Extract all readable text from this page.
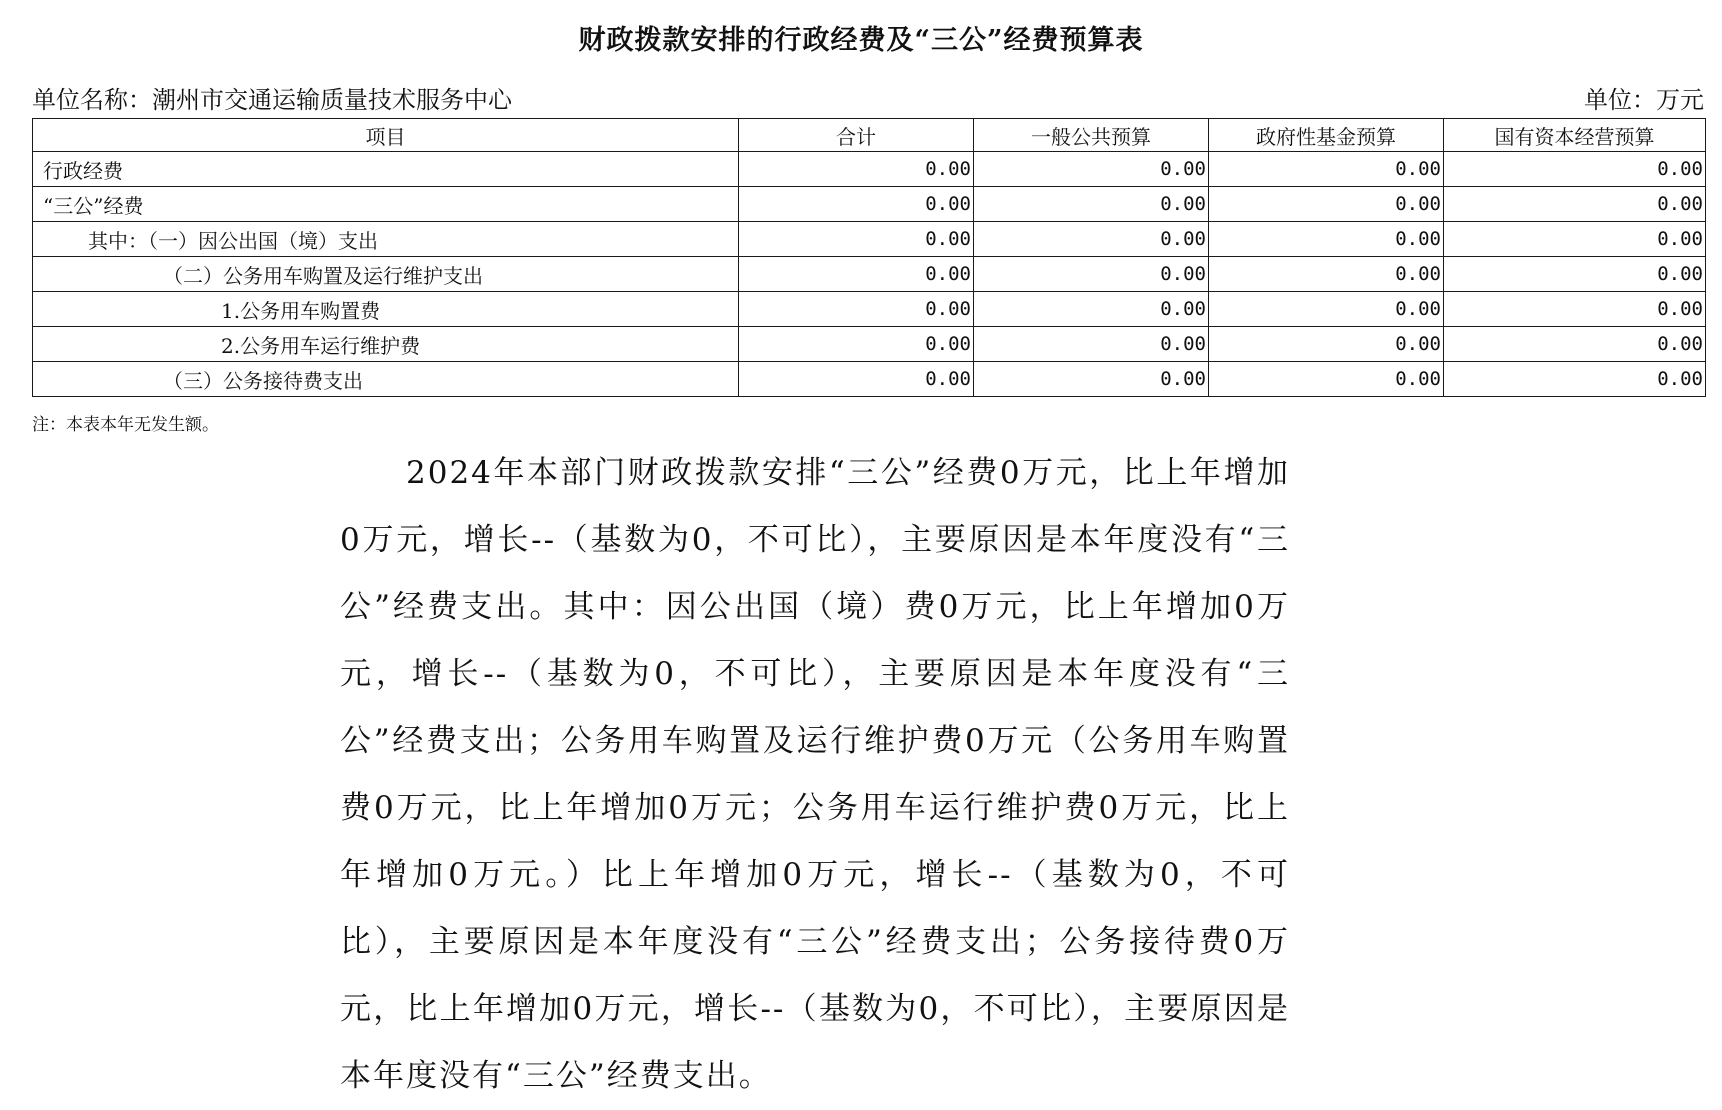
财政拨款安排的行政经费及“三公”经费预算表
单位名称：潮州市交通运输质量技术服务中心	单位：万元
项目	合计	一般公共预算	政府性基金预算	国有资本经营预算
行政经费	0.00	0.00	0.00	0.00
“三公”经费	0.00	0.00	0.00	0.00
其中：（一）因公出国（境）支出	0.00	0.00	0.00	0.00
（二）公务用车购置及运行维护支出	0.00	0.00	0.00	0.00
1.公务用车购置费	0.00	0.00	0.00	0.00
2.公务用车运行维护费	0.00	0.00	0.00	0.00
（三）公务接待费支出	0.00	0.00	0.00	0.00
注：本表本年无发生额。

2024年本部门财政拨款安排“三公”经费0万元，比上年增加0万元，增长--（基数为0，不可比），主要原因是本年度没有“三公”经费支出。其中：因公出国（境）费0万元，比上年增加0万元，增长--（基数为0，不可比），主要原因是本年度没有“三公”经费支出；公务用车购置及运行维护费0万元（公务用车购置费0万元，比上年增加0万元；公务用车运行维护费0万元，比上年增加0万元。）比上年增加0万元，增长--（基数为0，不可比），主要原因是本年度没有“三公”经费支出；公务接待费0万元，比上年增加0万元，增长--（基数为0，不可比），主要原因是本年度没有“三公”经费支出。
